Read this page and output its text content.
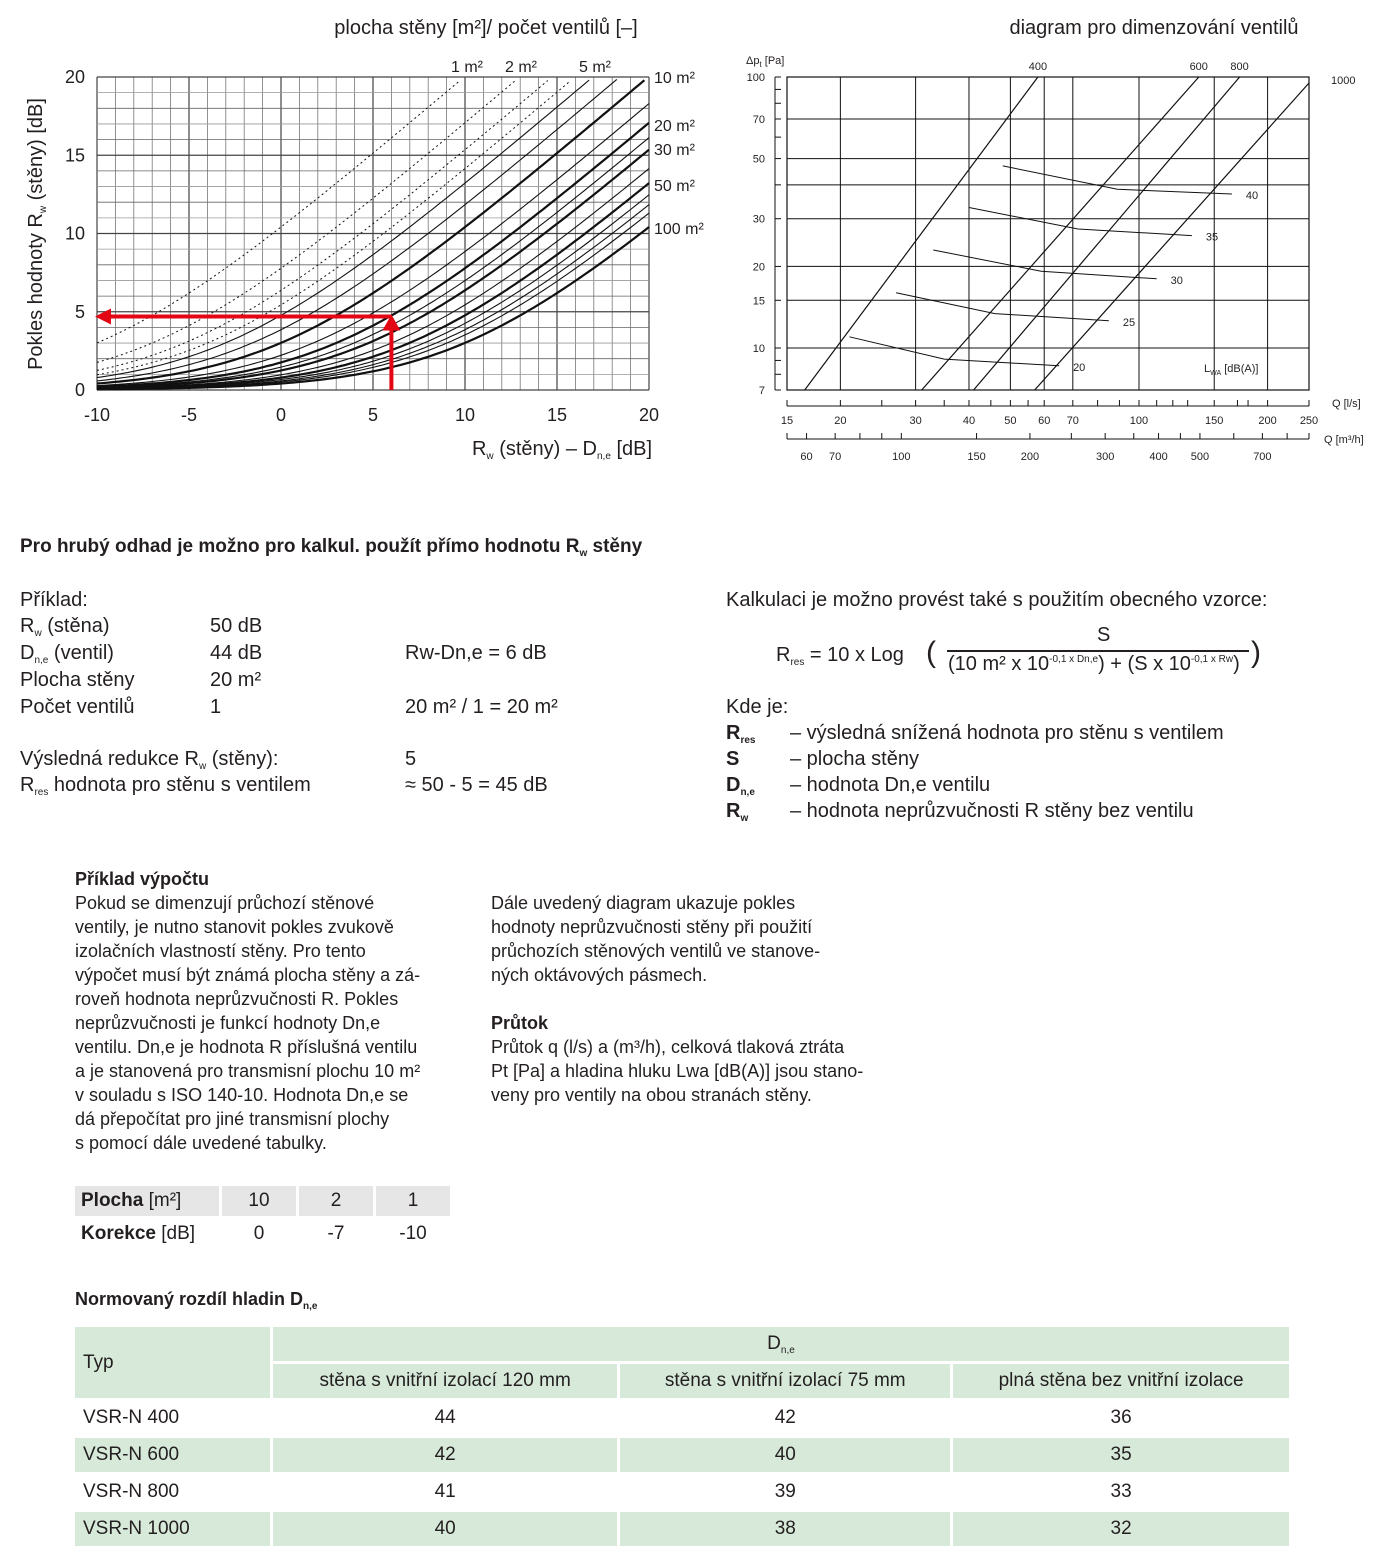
plocha stěny [m²]/ počet ventilů [–]
-10	-5	0	5	10	15	20
0
5
10
15
20	1 m² 2 m²	5 m²
10 m²
20 m²
30 m²
50 m²
100 m²
$R_w$ (stěny) – $D_{n,e}$ [dB]
Pokles hodnoty $R_w$ (stěny) [dB]
diagram pro dimenzování ventilů
$\Delta p_t$ [Pa]	400	600 800
1000
20
25
30
35
40
7
10
15
20
30
50
70
100
15	20	30	40	50 60 70	100	150	200 250
60 70	100	150	200	300	400 500	700
$L_{WA}$ [dB(A)]
Q [l/s]
Q [m³/h]
Pro hrubý odhad je možno pro kalkul. použít přímo hodnotu $R_w$ stěny
Příklad:
$R_w$ (stěna)	50 dB
$D_{n,e}$ (ventil)	44 dB	Rw-Dn,e = 6 dB
Plocha stěny	20 m²
Počet ventilů	1	20 m² / 1 = 20 m²
Výsledná redukce $R_w$ (stěny):	5
$R_{res}$ hodnota pro stěnu s ventilem	≈ 50 - 5 = 45 dB
Kalkulaci je možno provést také s použitím obecného vzorce:
$R_{res} = 10$ x Log (
S
(10 m² x $10^{-0,1 x Dn,e}) + (S$ x $10^{-0,1 x Rw}$) )
Kde je:
$R_{res}$ – výsledná snížená hodnota pro stěnu s ventilem
S	– plocha stěny
$D_{n,e}$ – hodnota Dn,e ventilu
$R_w$ – hodnota neprůzvučnosti R stěny bez ventilu

Příklad výpočtu

Pokud se dimenzují průchozí stěnové

ventily, je nutno stanovit pokles zvukově

izolačních vlastností stěny. Pro tento

výpočet musí být známá plocha stěny a zá-

roveň hodnota neprůzvučnosti R. Pokles

neprůzvučnosti je funkcí hodnoty Dn,e

ventilu. Dn,e je hodnota R příslušná ventilu

a je stanovená pro transmisní plochu 10 m²

v souladu s ISO 140-10. Hodnota Dn,e se

dá přepočítat pro jiné transmisní plochy

s pomocí dále uvedené tabulky.

Dále uvedený diagram ukazuje pokles

hodnoty neprůzvučnosti stěny při použití

průchozích stěnových ventilů ve stanove-

ných oktávových pásmech.

Průtok

Průtok q (l/s) a (m³/h), celková tlaková ztráta

Pt [Pa] a hladina hluku Lwa [dB(A)] jsou stano-

veny pro ventily na obou stranách stěny.

Plocha [m²]	10	2	1
Korekce [dB]	0	-7	-10
Normovaný rozdíl hladin $D_{n,e}$
Typ	$D_{n,e}$
	stěna s vnitřní izolací 120 mm	stěna s vnitřní izolací 75 mm	plná stěna bez vnitřní izolace
VSR-N 400	44	42	36
VSR-N 600	42	40	35
VSR-N 800	41	39	33
VSR-N 1000	40	38	32
